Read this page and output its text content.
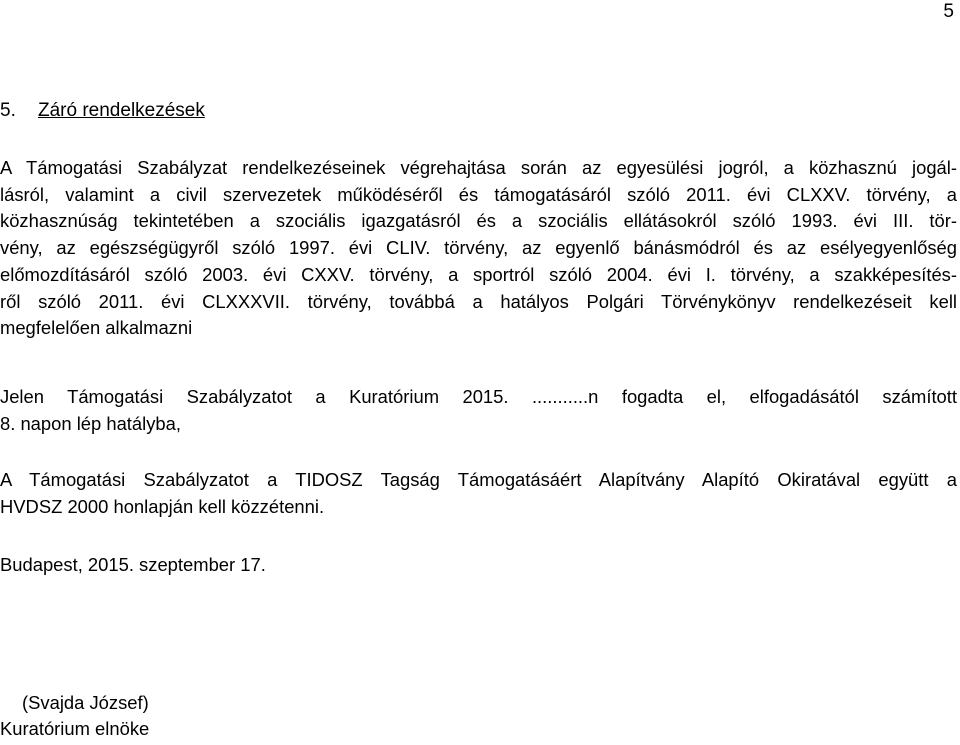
5
5. Záró rendelkezések
A Támogatási Szabályzat rendelkezéseinek végrehajtása során az egyesülési jogról, a közhasznú jogál-
lásról, valamint a civil szervezetek működéséről és támogatásáról szóló 2011. évi CLXXV. törvény, a
közhasznúság tekintetében a szociális igazgatásról és a szociális ellátásokról szóló 1993. évi III. tör-
vény, az egészségügyről szóló 1997. évi CLIV. törvény, az egyenlő bánásmódról és az esélyegyenlőség
előmozdításáról szóló 2003. évi CXXV. törvény, a sportról szóló 2004. évi I. törvény, a szakképesítés-
ről szóló 2011. évi CLXXXVII. törvény, továbbá a hatályos Polgári Törvénykönyv rendelkezéseit kell
megfelelően alkalmazni
Jelen Támogatási Szabályzatot a Kuratórium 2015. ...........n fogadta el, elfogadásától számított
8. napon lép hatályba,
A Támogatási Szabályzatot a TIDOSZ Tagság Támogatásáért Alapítvány Alapító Okiratával együtt a
HVDSZ 2000 honlapján kell közzétenni.
Budapest, 2015. szeptember 17.
(Svajda József)
Kuratórium elnöke
